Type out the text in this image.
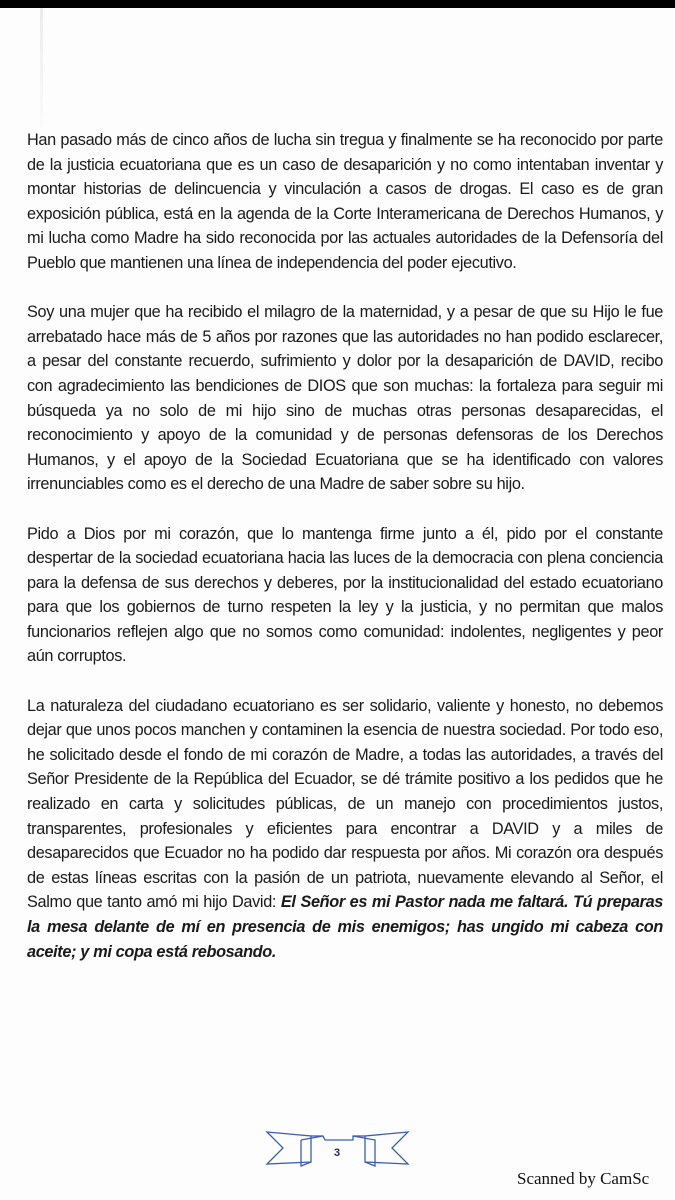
Han pasado más de cinco años de lucha sin tregua y finalmente se ha reconocido por parte de la justicia ecuatoriana que es un caso de desaparición y no como intentaban inventar y montar historias de delincuencia y vinculación a casos de drogas. El caso es de gran exposición pública, está en la agenda de la Corte Interamericana de Derechos Humanos, y mi lucha como Madre ha sido reconocida por las actuales autoridades de la Defensoría del Pueblo que mantienen una línea de independencia del poder ejecutivo.

Soy una mujer que ha recibido el milagro de la maternidad, y a pesar de que su Hijo le fue arrebatado hace más de 5 años por razones que las autoridades no han podido esclarecer, a pesar del constante recuerdo, sufrimiento y dolor por la desaparición de DAVID, recibo con agradecimiento las bendiciones de DIOS que son muchas: la fortaleza para seguir mi búsqueda ya no solo de mi hijo sino de muchas otras personas desaparecidas, el reconocimiento y apoyo de la comunidad y de personas defensoras de los Derechos Humanos, y el apoyo de la Sociedad Ecuatoriana que se ha identificado con valores irrenunciables como es el derecho de una Madre de saber sobre su hijo.

Pido a Dios por mi corazón, que lo mantenga firme junto a él, pido por el constante despertar de la sociedad ecuatoriana hacia las luces de la democracia con plena conciencia para la defensa de sus derechos y deberes, por la institucionalidad del estado ecuatoriano para que los gobiernos de turno respeten la ley y la justicia, y no permitan que malos funcionarios reflejen algo que no somos como comunidad: indolentes, negligentes y peor aún corruptos.

La naturaleza del ciudadano ecuatoriano es ser solidario, valiente y honesto, no debemos dejar que unos pocos manchen y contaminen la esencia de nuestra sociedad. Por todo eso, he solicitado desde el fondo de mi corazón de Madre, a todas las autoridades, a través del Señor Presidente de la República del Ecuador, se dé trámite positivo a los pedidos que he realizado en carta y solicitudes públicas, de un manejo con procedimientos justos, transparentes, profesionales y eficientes para encontrar a DAVID y a miles de desaparecidos que Ecuador no ha podido dar respuesta por años. Mi corazón ora después de estas líneas escritas con la pasión de un patriota, nuevamente elevando al Señor, el Salmo que tanto amó mi hijo David: El Señor es mi Pastor nada me faltará. Tú preparas la mesa delante de mí en presencia de mis enemigos; has ungido mi cabeza con aceite; y mi copa está rebosando.

3
Scanned by CamSc
